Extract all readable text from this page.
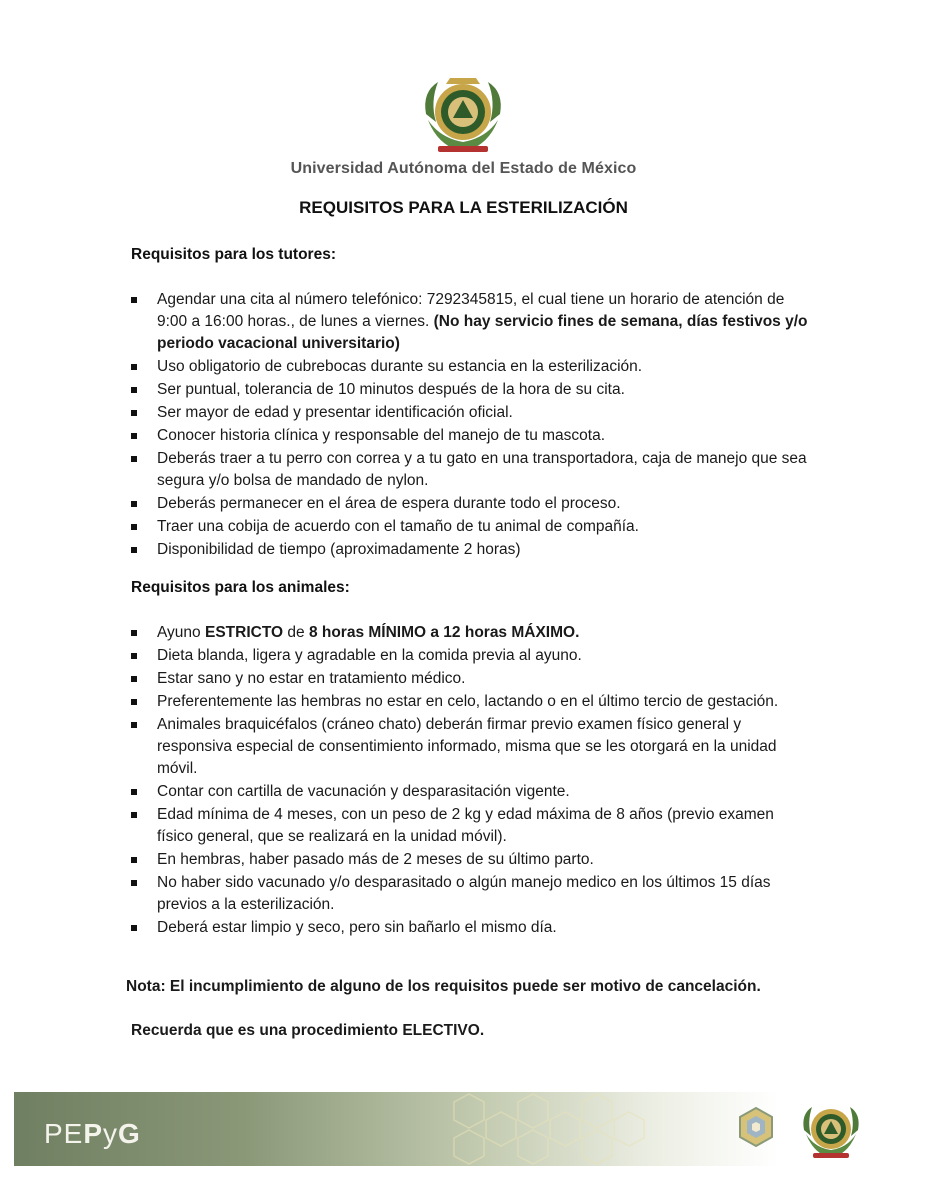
Universidad Autónoma del Estado de México
REQUISITOS PARA LA ESTERILIZACIÓN
Requisitos para los tutores:
Agendar una cita al número telefónico: 7292345815, el cual tiene un horario de atención de 9:00 a 16:00 horas., de lunes a viernes. (No hay servicio fines de semana, días festivos y/o periodo vacacional universitario)
Uso obligatorio de cubrebocas durante su estancia en la esterilización.
Ser puntual, tolerancia de 10 minutos después de la hora de su cita.
Ser mayor de edad y presentar identificación oficial.
Conocer historia clínica y responsable del manejo de tu mascota.
Deberás traer a tu perro con correa y a tu gato en una transportadora, caja de manejo que sea segura y/o bolsa de mandado de nylon.
Deberás permanecer en el área de espera durante todo el proceso.
Traer una cobija de acuerdo con el tamaño de tu animal de compañía.
Disponibilidad de tiempo (aproximadamente 2 horas)
Requisitos para los animales:
Ayuno ESTRICTO de 8 horas MÍNIMO a 12 horas MÁXIMO.
Dieta blanda, ligera y agradable en la comida previa al ayuno.
Estar sano y no estar en tratamiento médico.
Preferentemente las hembras no estar en celo, lactando o en el último tercio de gestación.
Animales braquicéfalos (cráneo chato) deberán firmar previo examen físico general y responsiva especial de consentimiento informado, misma que se les otorgará en la unidad móvil.
Contar con cartilla de vacunación y desparasitación vigente.
Edad mínima de 4 meses, con un peso de 2 kg y edad máxima de 8 años (previo examen físico general, que se realizará en la unidad móvil).
En hembras, haber pasado más de 2 meses de su último parto.
No haber sido vacunado y/o desparasitado o algún manejo medico en los últimos 15 días previos a la esterilización.
Deberá estar limpio y seco, pero sin bañarlo el mismo día.
Nota: El incumplimiento de alguno de los requisitos puede ser motivo de cancelación.
Recuerda que es una procedimiento ELECTIVO.
PEPyG
